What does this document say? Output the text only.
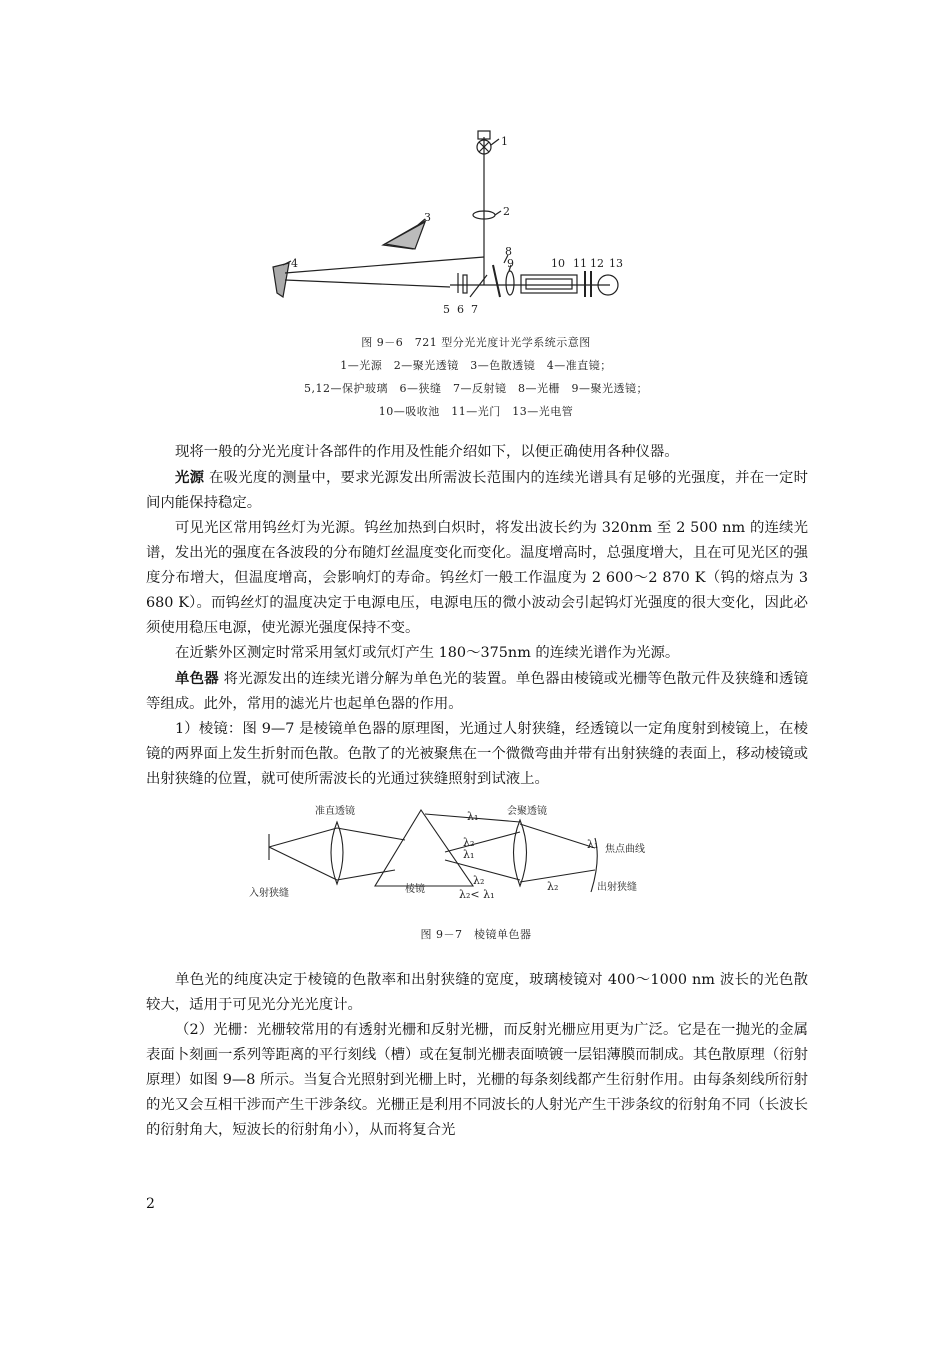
1
2
3
4
5 6 7
8
9	10 11 12 13
图 9－6　721 型分光光度计光学系统示意图
1—光源　2—聚光透镜　3—色散透镜　4—准直镜；
5,12—保护玻璃　6—狭缝　7—反射镜　8—光栅　9—聚光透镜；
10—吸收池　11—光门　13—光电管

现将一般的分光光度计各部件的作用及性能介绍如下，以便正确使用各种仪器。

光源 在吸光度的测量中，要求光源发出所需波长范围内的连续光谱具有足够的光强度，并在一定时间内能保持稳定。

可见光区常用钨丝灯为光源。钨丝加热到白炽时，将发出波长约为 320nm 至 2 500 nm 的连续光谱，发出光的强度在各波段的分布随灯丝温度变化而变化。温度增高时，总强度增大，且在可见光区的强度分布增大，但温度增高，会影响灯的寿命。钨丝灯一般工作温度为 2 600～2 870 K（钨的熔点为 3 680 K）。而钨丝灯的温度决定于电源电压，电源电压的微小波动会引起钨灯光强度的很大变化，因此必须使用稳压电源，使光源光强度保持不变。

在近紫外区测定时常采用氢灯或氘灯产生 180～375nm 的连续光谱作为光源。

单色器 将光源发出的连续光谱分解为单色光的装置。单色器由棱镜或光栅等色散元件及狭缝和透镜等组成。此外，常用的滤光片也起单色器的作用。

1）棱镜：图 9—7 是棱镜单色器的原理图，光通过人射狭缝，经透镜以一定角度射到棱镜上，在棱镜的两界面上发生折射而色散。色散了的光被聚焦在一个微微弯曲并带有出射狭缝的表面上，移动棱镜或出射狭缝的位置，就可使所需波长的光通过狭缝照射到试液上。

准直透镜	会聚透镜
焦点曲线
入射狭缝	棱镜	出射狭缝
λ₁
λ₂
λ₁
λ₂	λ₂
λ₁
λ₂< λ₁
图 9－7　棱镜单色器

单色光的纯度决定于棱镜的色散率和出射狭缝的宽度，玻璃棱镜对 400～1000 nm 波长的光色散较大，适用于可见光分光光度计。

（2）光栅：光栅较常用的有透射光栅和反射光栅，而反射光栅应用更为广泛。它是在一抛光的金属表面卜刻画一系列等距离的平行刻线（槽）或在复制光栅表面喷镀一层铝薄膜而制成。其色散原理（衍射原理）如图 9—8 所示。当复合光照射到光栅上时，光栅的每条刻线都产生衍射作用。由每条刻线所衍射的光又会互相干涉而产生干涉条纹。光栅正是利用不同波长的人射光产生干涉条纹的衍射角不同（长波长的衍射角大，短波长的衍射角小），从而将复合光

2
